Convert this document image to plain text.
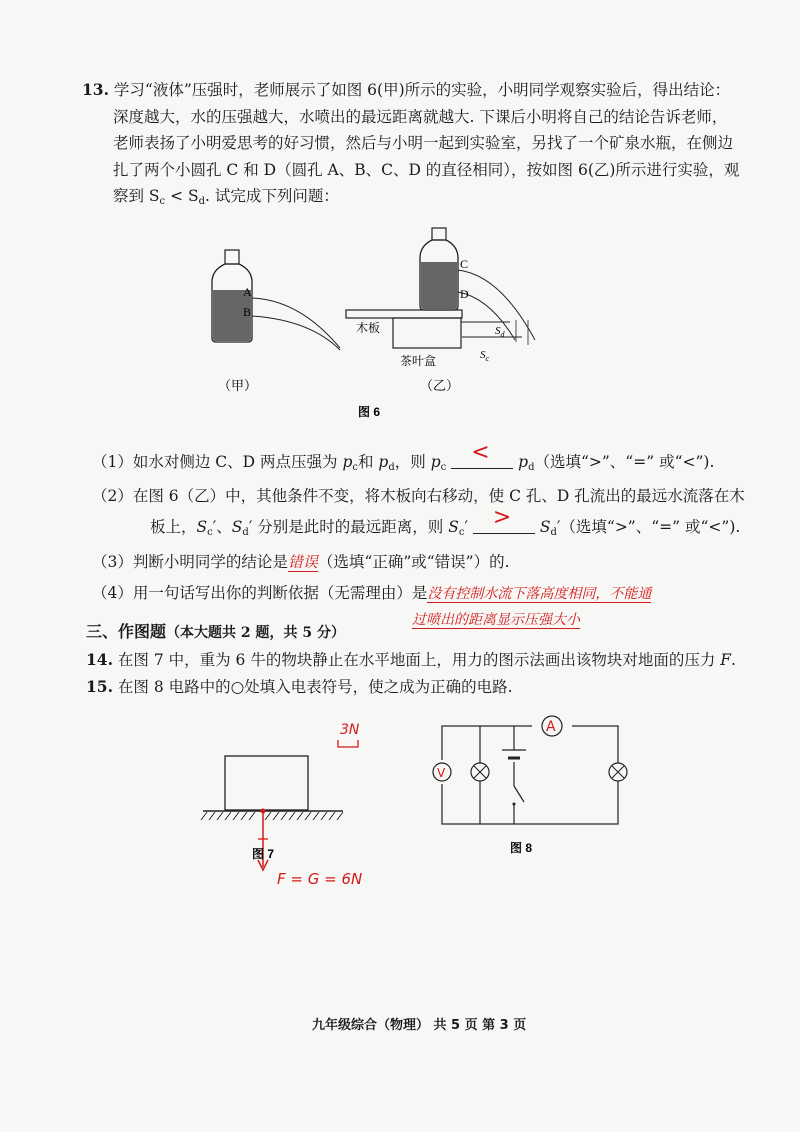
13. 学习“液体”压强时，老师展示了如图 6(甲)所示的实验，小明同学观察实验后，得出结论：
深度越大，水的压强越大，水喷出的最远距离就越大. 下课后小明将自己的结论告诉老师，
老师表扬了小明爱思考的好习惯，然后与小明一起到实验室，另找了一个矿泉水瓶，在侧边
扎了两个小圆孔 C 和 D（圆孔 A、B、C、D 的直径相同），按如图 6(乙)所示进行实验，观
察到 $S_c < S_d$. 试完成下列问题：
A
B
C
D
木板
茶叶盒
$S_d$
$S_c$
（甲）	（乙）
图 6
（1）如水对侧边 C、D 两点压强为 $p_c$和 $p_d$，则 $p_c$
< $p_d$（选填“>”、“=” 或“<”).
（2）在图 6（乙）中，其他条件不变，将木板向右移动，使 C 孔、D 孔流出的最远水流落在木
板上，$S_c'$、$S_d'$ 分别是此时的最远距离，则 $S_c' > S_d'$（选填“>”、“=” 或“<”).
（3）判断小明同学的结论是错误（选填“正确”或“错误”）的.
（4）用一句话写出你的判断依据（无需理由）是没有控制水流下落高度相同，不能通
过喷出的距离显示压强大小
三、作图题（本大题共 2 题，共 5 分）
14. 在图 7 中，重为 6 牛的物块静止在水平地面上，用力的图示法画出该物块对地面的压力 F.
15. 在图 8 电路中的○处填入电表符号，使之成为正确的电路.
3N
图 7
F = G = 6N
A
V
图 8
九年级综合（物理） 共 5 页 第 3 页
